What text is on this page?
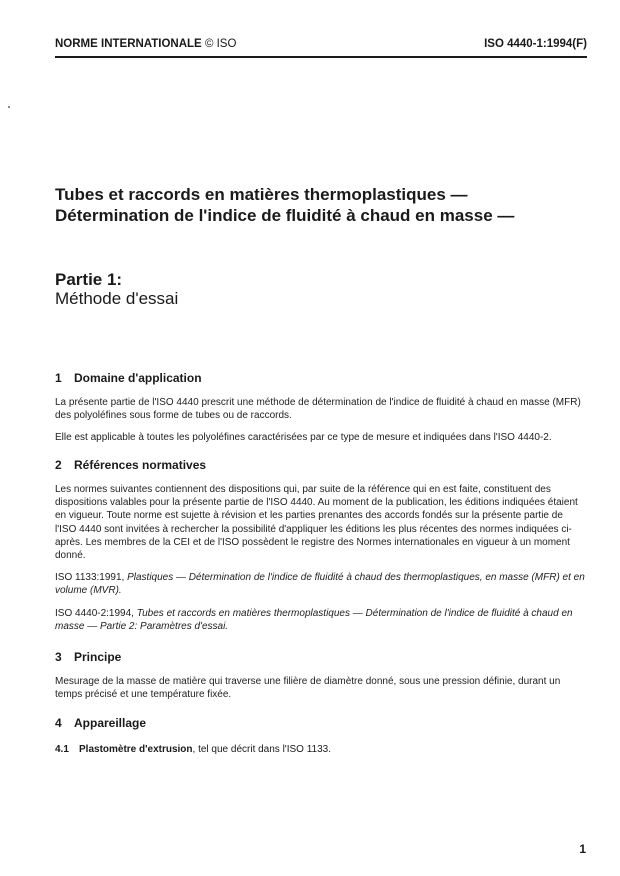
NORME INTERNATIONALE © ISO	ISO 4440-1:1994(F)
Tubes et raccords en matières thermoplastiques — Détermination de l'indice de fluidité à chaud en masse —
Partie 1:
Méthode d'essai
1 Domaine d'application

La présente partie de l'ISO 4440 prescrit une méthode de détermination de l'indice de fluidité à chaud en masse (MFR) des polyoléfines sous forme de tubes ou de raccords.

Elle est applicable à toutes les polyoléfines caractérisées par ce type de mesure et indiquées dans l'ISO 4440-2.

2 Références normatives

Les normes suivantes contiennent des dispositions qui, par suite de la référence qui en est faite, constituent des dispositions valables pour la présente partie de l'ISO 4440. Au moment de la publication, les éditions indiquées étaient en vigueur. Toute norme est sujette à révision et les parties prenantes des accords fondés sur la présente partie de l'ISO 4440 sont invitées à rechercher la possibilité d'appliquer les éditions les plus récentes des normes indiquées ci-après. Les membres de la CEI et de l'ISO possèdent le registre des Normes internationales en vigueur à un moment donné.

ISO 1133:1991, Plastiques — Détermination de l'indice de fluidité à chaud des thermoplastiques, en masse (MFR) et en volume (MVR).

ISO 4440-2:1994, Tubes et raccords en matières thermoplastiques — Détermination de l'indice de fluidité à chaud en masse — Partie 2: Paramètres d'essai.

3 Principe

Mesurage de la masse de matière qui traverse une filière de diamètre donné, sous une pression définie, durant un temps précisé et une température fixée.

4 Appareillage

4.1 Plastomètre d'extrusion, tel que décrit dans l'ISO 1133.

1
